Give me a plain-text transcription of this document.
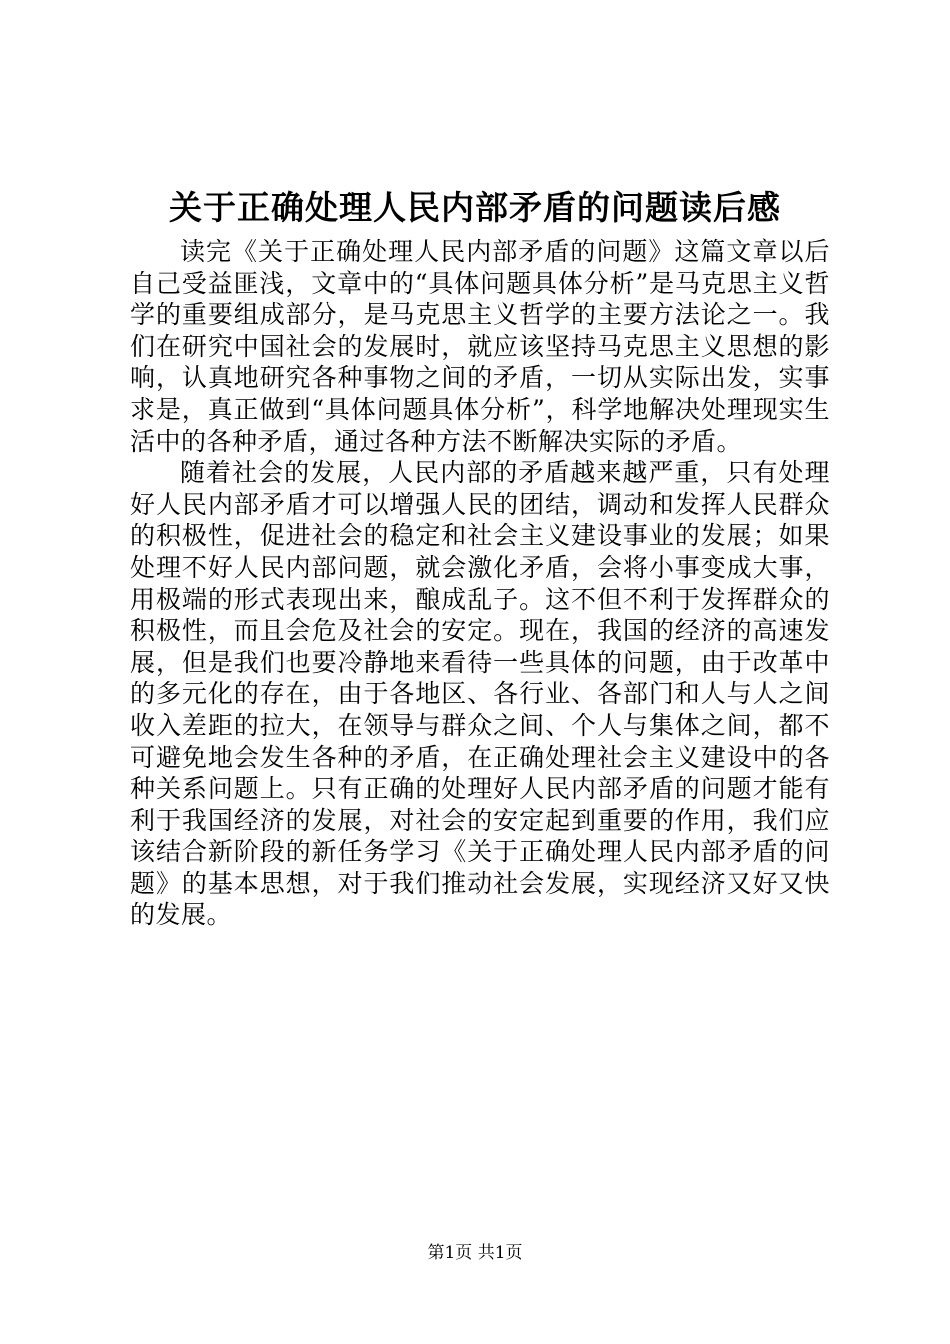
关于正确处理人民内部矛盾的问题读后感

读完《关于正确处理人民内部矛盾的问题》这篇文章以后自己受益匪浅，文章中的“具体问题具体分析”是马克思主义哲学的重要组成部分，是马克思主义哲学的主要方法论之一。我们在研究中国社会的发展时，就应该坚持马克思主义思想的影响，认真地研究各种事物之间的矛盾，一切从实际出发，实事求是，真正做到“具体问题具体分析”，科学地解决处理现实生活中的各种矛盾，通过各种方法不断解决实际的矛盾。

随着社会的发展，人民内部的矛盾越来越严重，只有处理好人民内部矛盾才可以增强人民的团结，调动和发挥人民群众的积极性，促进社会的稳定和社会主义建设事业的发展；如果处理不好人民内部问题，就会激化矛盾，会将小事变成大事，用极端的形式表现出来，酿成乱子。这不但不利于发挥群众的积极性，而且会危及社会的安定。现在，我国的经济的高速发展，但是我们也要冷静地来看待一些具体的问题，由于改革中的多元化的存在，由于各地区、各行业、各部门和人与人之间收入差距的拉大，在领导与群众之间、个人与集体之间，都不可避免地会发生各种的矛盾，在正确处理社会主义建设中的各种关系问题上。只有正确的处理好人民内部矛盾的问题才能有利于我国经济的发展，对社会的安定起到重要的作用，我们应该结合新阶段的新任务学习《关于正确处理人民内部矛盾的问题》的基本思想，对于我们推动社会发展，实现经济又好又快的发展。

第1页 共1页
